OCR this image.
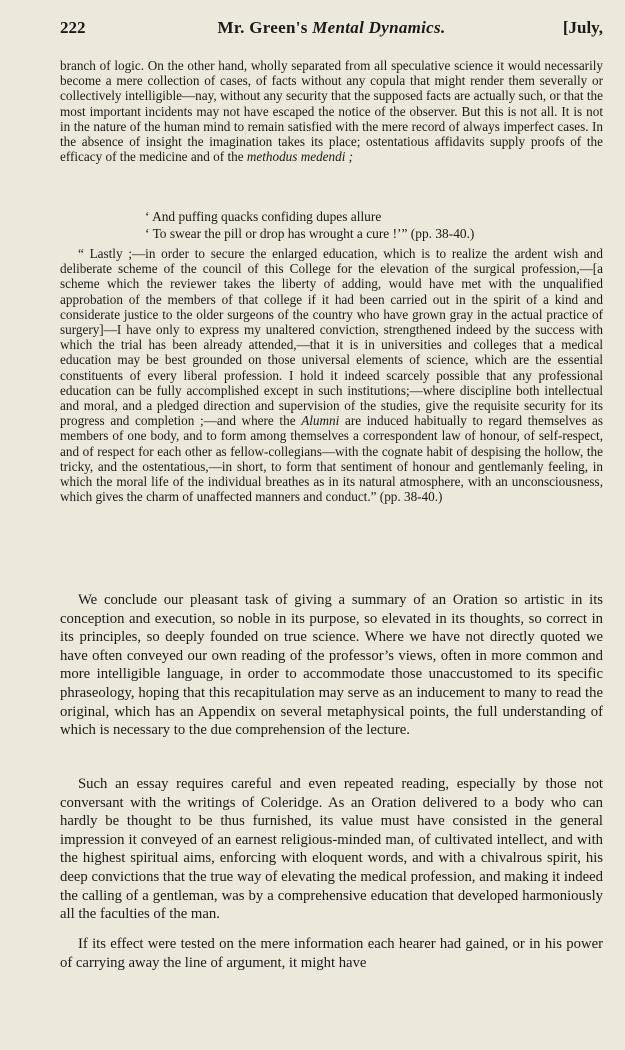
222	Mr. Green's Mental Dynamics.	[July,

branch of logic. On the other hand, wholly separated from all speculative science it would necessarily become a mere collection of cases, of facts without any copula that might render them severally or collectively intelligible—nay, without any security that the supposed facts are actually such, or that the most important incidents may not have escaped the notice of the observer. But this is not all. It is not in the nature of the human mind to remain satisfied with the mere record of always imperfect cases. In the absence of insight the imagination takes its place; ostentatious affidavits supply proofs of the efficacy of the medicine and of the methodus medendi ;

‘ And puffing quacks confiding dupes allure
‘ To swear the pill or drop has wrought a cure !’” (pp. 38-40.)

“ Lastly ;—in order to secure the enlarged education, which is to realize the ardent wish and deliberate scheme of the council of this College for the elevation of the surgical profession,—[a scheme which the reviewer takes the liberty of adding, would have met with the unqualified approbation of the members of that college if it had been carried out in the spirit of a kind and considerate justice to the older surgeons of the country who have grown gray in the actual practice of surgery]—I have only to express my unaltered conviction, strengthened indeed by the success with which the trial has been already attended,—that it is in universities and colleges that a medical education may be best grounded on those universal elements of science, which are the essential constituents of every liberal profession. I hold it indeed scarcely possible that any professional education can be fully accomplished except in such institutions;—where discipline both intellectual and moral, and a pledged direction and supervision of the studies, give the requisite security for its progress and completion ;—and where the Alumni are induced habitually to regard themselves as members of one body, and to form among themselves a correspondent law of honour, of self-respect, and of respect for each other as fellow-collegians—with the cognate habit of despising the hollow, the tricky, and the ostentatious,—in short, to form that sentiment of honour and gentlemanly feeling, in which the moral life of the individual breathes as in its natural atmosphere, with an unconsciousness, which gives the charm of unaffected manners and conduct.” (pp. 38-40.)

We conclude our pleasant task of giving a summary of an Oration so artistic in its conception and execution, so noble in its purpose, so elevated in its thoughts, so correct in its principles, so deeply founded on true science. Where we have not directly quoted we have often conveyed our own reading of the professor’s views, often in more common and more intelligible language, in order to accommodate those unaccustomed to its specific phraseology, hoping that this recapitulation may serve as an inducement to many to read the original, which has an Appendix on several metaphysical points, the full understanding of which is necessary to the due comprehension of the lecture.

Such an essay requires careful and even repeated reading, especially by those not conversant with the writings of Coleridge. As an Oration delivered to a body who can hardly be thought to be thus furnished, its value must have consisted in the general impression it conveyed of an earnest religious-minded man, of cultivated intellect, and with the highest spiritual aims, enforcing with eloquent words, and with a chivalrous spirit, his deep convictions that the true way of elevating the medical profession, and making it indeed the calling of a gentleman, was by a comprehensive education that developed harmoniously all the faculties of the man.

If its effect were tested on the mere information each hearer had gained, or in his power of carrying away the line of argument, it might have
